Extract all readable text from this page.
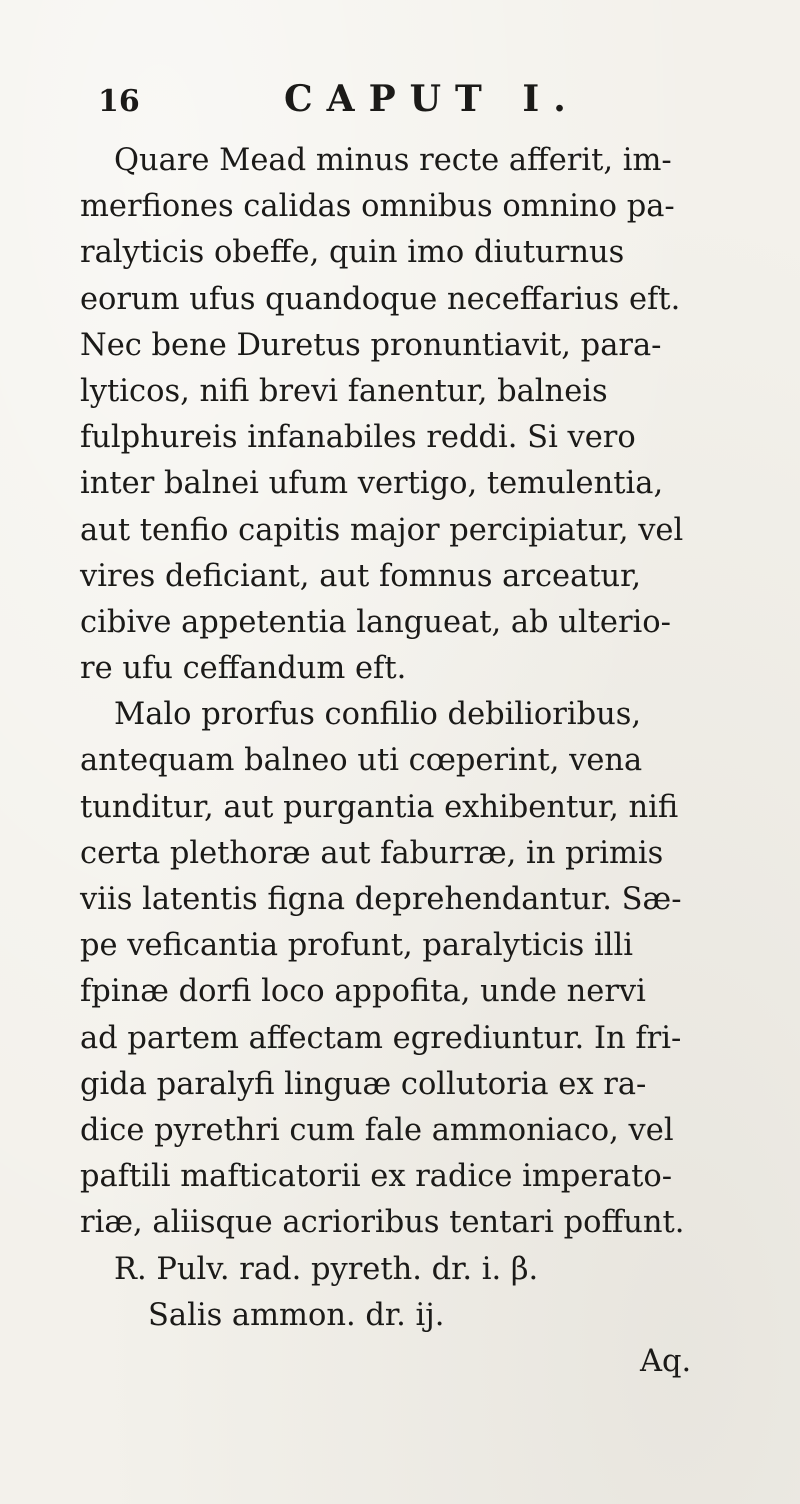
16	CAPUT I.
Quare Mead minus recte afferit, im-
merfiones calidas omnibus omnino pa-
ralyticis obeffe, quin imo diuturnus
eorum ufus quandoque neceffarius eft.
Nec bene Duretus pronuntiavit, para-
lyticos, nifi brevi fanentur, balneis
fulphureis infanabiles reddi. Si vero
inter balnei ufum vertigo, temulentia,
aut tenfio capitis major percipiatur, vel
vires deficiant, aut fomnus arceatur,
cibive appetentia langueat, ab ulterio-
re ufu ceffandum eft.
Malo prorfus confilio debilioribus,
antequam balneo uti cœperint, vena
tunditur, aut purgantia exhibentur, nifi
certa plethoræ aut faburræ, in primis
viis latentis figna deprehendantur. Sæ-
pe veficantia profunt, paralyticis illi
fpinæ dorfi loco appofita, unde nervi
ad partem affectam egrediuntur. In fri-
gida paralyfi linguæ collutoria ex ra-
dice pyrethri cum fale ammoniaco, vel
paftili mafticatorii ex radice imperato-
riæ, aliisque acrioribus tentari poffunt.
R. Pulv. rad. pyreth. dr. i. β.
Salis ammon. dr. ij.
Aq.
